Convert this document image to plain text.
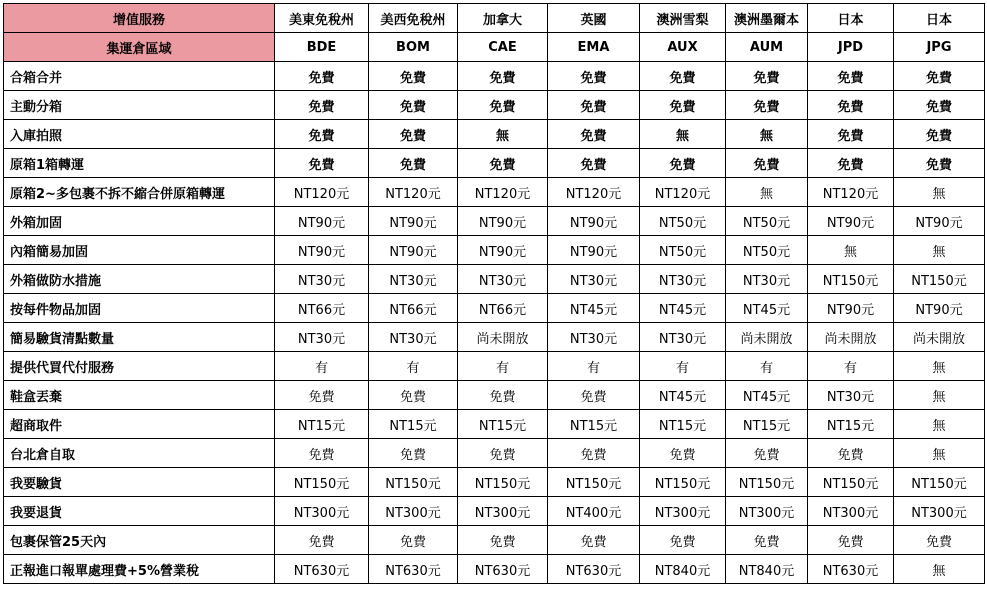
增值服務	美東免稅州	美西免稅州	加拿大	英國	澳洲雪梨	澳洲墨爾本	日本	日本
集運倉區域	BDE	BOM	CAE	EMA	AUX	AUM	JPD	JPG
合箱合并	免費	免費	免費	免費	免費	免費	免費	免費
主動分箱	免費	免費	免費	免費	免費	免費	免費	免費
入庫拍照	免費	免費	無	免費	無	無	免費	免費
原箱1箱轉運	免費	免費	免費	免費	免費	免費	免費	免費
原箱2~多包裹不拆不縮合併原箱轉運	NT120元	NT120元	NT120元	NT120元	NT120元	無	NT120元	無
外箱加固	NT90元	NT90元	NT90元	NT90元	NT50元	NT50元	NT90元	NT90元
內箱簡易加固	NT90元	NT90元	NT90元	NT90元	NT50元	NT50元	無	無
外箱做防水措施	NT30元	NT30元	NT30元	NT30元	NT30元	NT30元	NT150元	NT150元
按每件物品加固	NT66元	NT66元	NT66元	NT45元	NT45元	NT45元	NT90元	NT90元
簡易驗貨清點數量	NT30元	NT30元	尚未開放	NT30元	NT30元	尚未開放	尚未開放	尚未開放
提供代買代付服務	有	有	有	有	有	有	有	無
鞋盒丟棄	免費	免費	免費	免費	NT45元	NT45元	NT30元	無
超商取件	NT15元	NT15元	NT15元	NT15元	NT15元	NT15元	NT15元	無
台北倉自取	免費	免費	免費	免費	免費	免費	免費	無
我要驗貨	NT150元	NT150元	NT150元	NT150元	NT150元	NT150元	NT150元	NT150元
我要退貨	NT300元	NT300元	NT300元	NT400元	NT300元	NT300元	NT300元	NT300元
包裹保管25天內	免費	免費	免費	免費	免費	免費	免費	免費
正報進口報單處理費+5%營業稅	NT630元	NT630元	NT630元	NT630元	NT840元	NT840元	NT630元	無
